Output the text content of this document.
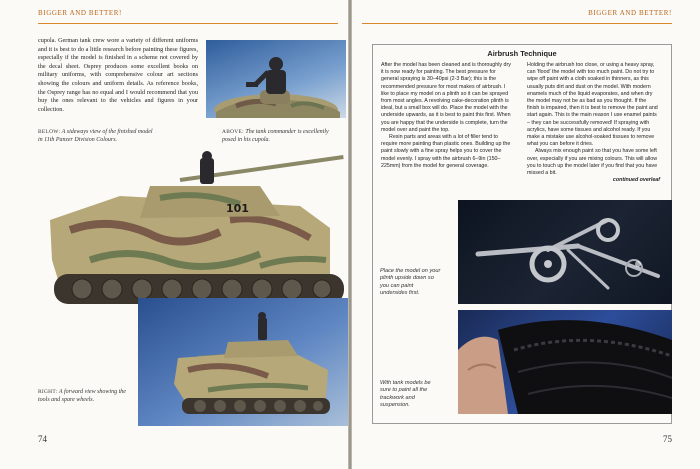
BIGGER AND BETTER!
cupola. German tank crew wore a variety of different uniforms and it is best to do a little research before painting these figures, especially if the model is finished in a scheme not covered by the decal sheet. Osprey produces some excellent books on military uniforms, with comprehensive colour art sections showing the colours and uniform details. As reference books, the Osprey range has no equal and I would recommend that you buy the ones relevant to the vehicles and figures in your collection.
BELOW: A sideways view of the finished model in 11th Panzer Division Colours.
ABOVE: The tank commander is excellently posed in his cupola.
101
RIGHT: A forward view showing the tools and spare wheels.
74
BIGGER AND BETTER!
Airbrush Technique

After the model has been cleaned and is thoroughly dry it is now ready for painting. The best pressure for general spraying is 30–40psi (2-3 Bar); this is the recommended pressure for most makes of airbrush. I like to place my model on a plinth so it can be sprayed from most angles. A revolving cake-decoration plinth is ideal, but a small box will do. Place the model with the underside upwards, as it is best to paint this first. When you are happy that the underside is complete, turn the model over and paint the top.

Resin parts and areas with a lot of filler tend to require more painting than plastic ones. Building up the paint slowly with a fine spray helps you to cover the model evenly. I spray with the airbrush 6–9in (150–225mm) from the model for general coverage.

Holding the airbrush too close, or using a heavy spray, can 'flood' the model with too much paint. Do not try to wipe off paint with a cloth soaked in thinners, as this usually puts dirt and dust on the model. With modern enamels much of the liquid evaporates, and when dry the model may not be as bad as you thought. If the finish is impaired, then it is best to remove the paint and start again. This is the main reason I use enamel paints – they can be successfully removed! If spraying with acrylics, have some tissues and alcohol ready. If you make a mistake use alcohol-soaked tissues to remove what you can before it dries.

Always mix enough paint so that you have some left over, especially if you are mixing colours. This will allow you to touch up the model later if you find that you have missed a bit.

continued overleaf
Place the model on your plinth upside down so you can paint undersides first.
With tank models be sure to paint all the trackwork and suspension.
75
